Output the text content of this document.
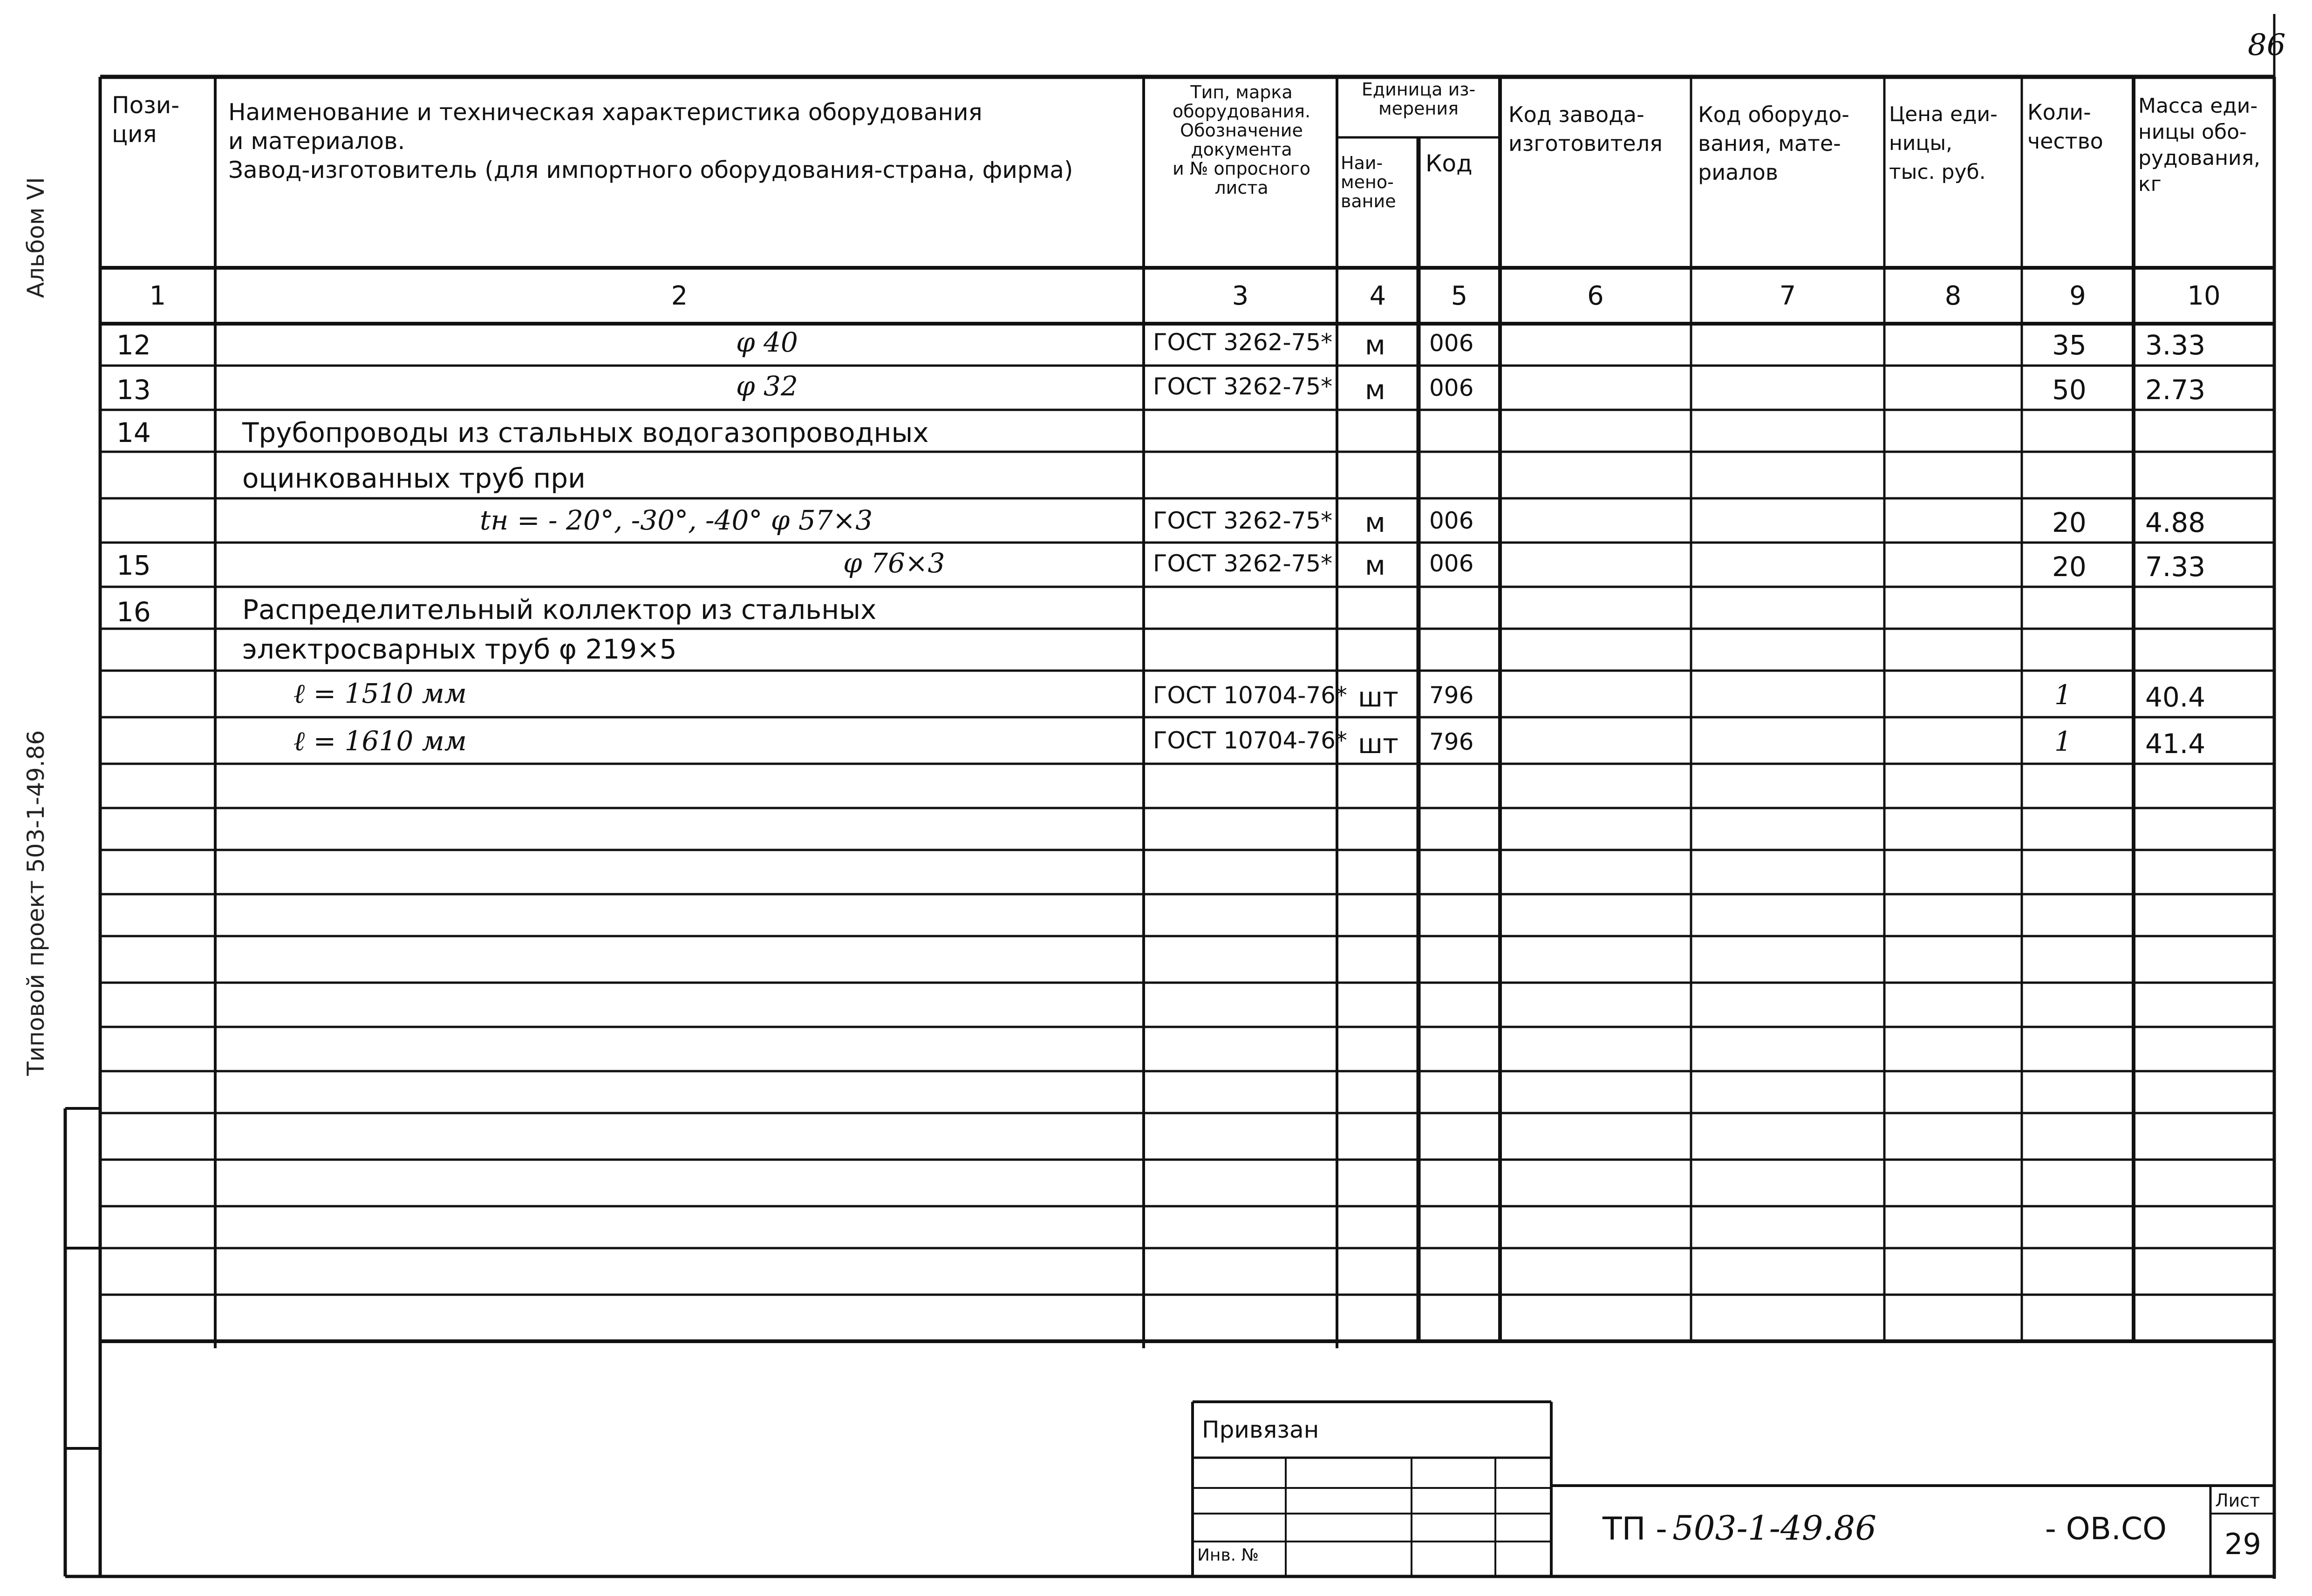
86
Альбом VI
Типовой проект 503-1-49.86
Пози-
ция
Наименование и техническая характеристика оборудования
и материалов.
Завод-изготовитель (для импортного оборудования-страна, фирма)
Тип, марка
оборудования.
Обозначение
документа
и № опросного
листа
Единица из-
мерения
Наи-
мено-
вание
Код
Код завода-
изготовителя
Код оборудо-
вания, мате-
риалов
Цена еди-
ницы,
тыс. руб.
Коли-
чество
Масса еди-
ницы обо-
рудования,
кг
1	2	3	4	5	6	7	8	9	10
12	φ 40	ГОСТ 3262-75* м 006	35 3.33
13	φ 32	ГОСТ 3262-75* м 006	50 2.73
14	Трубопроводы из стальных водогазопроводных
оцинкованных труб при
tн = - 20°, -30°, -40° φ 57×3	ГОСТ 3262-75* м 006	20 4.88
15	φ 76×3	ГОСТ 3262-75* м 006	20 7.33
16	Распределительный коллектор из стальных
электросварных труб φ 219×5
ℓ = 1510 мм	ГОСТ 10704-76* шт 796	1	40.4
ℓ = 1610 мм	ГОСТ 10704-76* шт 796	1	41.4
Привязан
Инв. №
ТП - 503-1-49.86	- ОВ.СО
Лист
29
